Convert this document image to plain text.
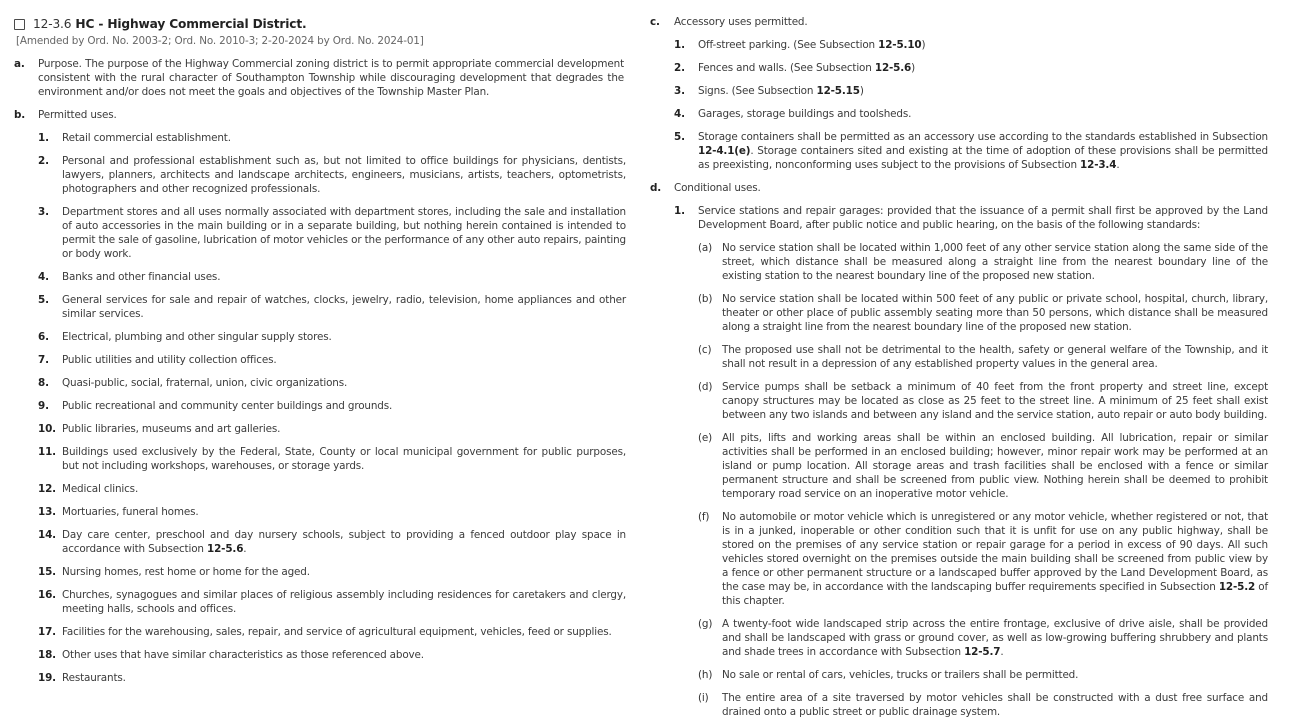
12-3.6 HC - Highway Commercial District.
[Amended by Ord. No. 2003-2; Ord. No. 2010-3; 2-20-2024 by Ord. No. 2024-01]
a.	Purpose. The purpose of the Highway Commercial zoning district is to permit appropriate commercial development consistent with the rural character of Southampton Township while discouraging development that degrades the environment and/or does not meet the goals and objectives of the Township Master Plan.
b.	Permitted uses.
1.	Retail commercial establishment.
2.	Personal and professional establishment such as, but not limited to office buildings for physicians, dentists, lawyers, planners, architects and landscape architects, engineers, musicians, artists, teachers, optometrists, photographers and other recognized professionals.
3.	Department stores and all uses normally associated with department stores, including the sale and installation of auto accessories in the main building or in a separate building, but nothing herein contained is intended to permit the sale of gasoline, lubrication of motor vehicles or the performance of any other auto repairs, painting or body work.
4.	Banks and other financial uses.
5.	General services for sale and repair of watches, clocks, jewelry, radio, television, home appliances and other similar services.
6.	Electrical, plumbing and other singular supply stores.
7.	Public utilities and utility collection offices.
8.	Quasi-public, social, fraternal, union, civic organizations.
9.	Public recreational and community center buildings and grounds.
10. Public libraries, museums and art galleries.
11. Buildings used exclusively by the Federal, State, County or local municipal government for public purposes, but not including workshops, warehouses, or storage yards.
12. Medical clinics.
13. Mortuaries, funeral homes.
14. Day care center, preschool and day nursery schools, subject to providing a fenced outdoor play space in accordance with Subsection 12-5.6.
15. Nursing homes, rest home or home for the aged.
16. Churches, synagogues and similar places of religious assembly including residences for caretakers and clergy, meeting halls, schools and offices.
17. Facilities for the warehousing, sales, repair, and service of agricultural equipment, vehicles, feed or supplies.
18. Other uses that have similar characteristics as those referenced above.
19. Restaurants.
c.	Accessory uses permitted.
1.	Off-street parking. (See Subsection 12-5.10)
2.	Fences and walls. (See Subsection 12-5.6)
3.	Signs. (See Subsection 12-5.15)
4.	Garages, storage buildings and toolsheds.
5.	Storage containers shall be permitted as an accessory use according to the standards established in Subsection 12-4.1(e). Storage containers sited and existing at the time of adoption of these provisions shall be permitted as preexisting, nonconforming uses subject to the provisions of Subsection 12-3.4.
d.	Conditional uses.
1.	Service stations and repair garages: provided that the issuance of a permit shall first be approved by the Land Development Board, after public notice and public hearing, on the basis of the following standards:
(a) No service station shall be located within 1,000 feet of any other service station along the same side of the street, which distance shall be measured along a straight line from the nearest boundary line of the existing station to the nearest boundary line of the proposed new station.
(b) No service station shall be located within 500 feet of any public or private school, hospital, church, library, theater or other place of public assembly seating more than 50 persons, which distance shall be measured along a straight line from the nearest boundary line of the proposed new station.
(c)	The proposed use shall not be detrimental to the health, safety or general welfare of the Township, and it shall not result in a depression of any established property values in the general area.
(d) Service pumps shall be setback a minimum of 40 feet from the front property and street line, except canopy structures may be located as close as 25 feet to the street line. A minimum of 25 feet shall exist between any two islands and between any island and the service station, auto repair or auto body building.
(e) All pits, lifts and working areas shall be within an enclosed building. All lubrication, repair or similar activities shall be performed in an enclosed building; however, minor repair work may be performed at an island or pump location. All storage areas and trash facilities shall be enclosed with a fence or similar permanent structure and shall be screened from public view. Nothing herein shall be deemed to prohibit temporary road service on an inoperative motor vehicle.
(f)	No automobile or motor vehicle which is unregistered or any motor vehicle, whether registered or not, that is in a junked, inoperable or other condition such that it is unfit for use on any public highway, shall be stored on the premises of any service station or repair garage for a period in excess of 90 days. All such vehicles stored overnight on the premises outside the main building shall be screened from public view by a fence or other permanent structure or a landscaped buffer approved by the Land Development Board, as the case may be, in accordance with the landscaping buffer requirements specified in Subsection 12-5.2 of this chapter.
(g) A twenty-foot wide landscaped strip across the entire frontage, exclusive of drive aisle, shall be provided and shall be landscaped with grass or ground cover, as well as low-growing buffering shrubbery and plants and shade trees in accordance with Subsection 12-5.7.
(h) No sale or rental of cars, vehicles, trucks or trailers shall be permitted.
(i)	The entire area of a site traversed by motor vehicles shall be constructed with a dust free surface and drained onto a public street or public drainage system.
